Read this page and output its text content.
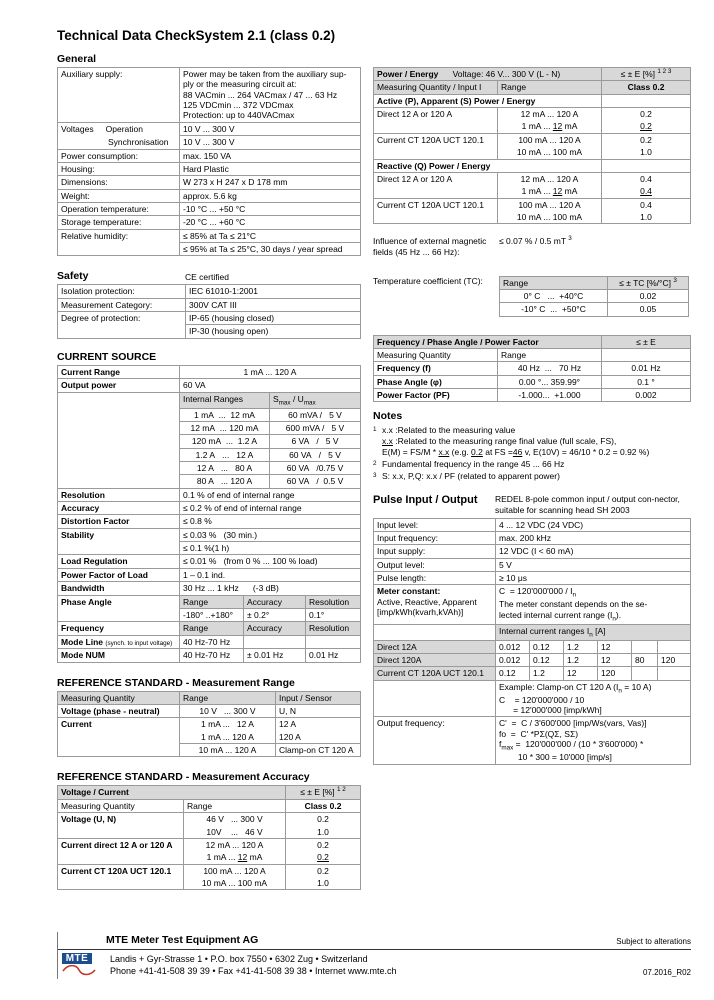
Technical Data CheckSystem 2.1 (class 0.2)
General
Auxiliary supply:	Power may be taken from the auxiliary sup-
ply or the measuring circuit at:
88 VACmin ... 264 VACmax / 47 ... 63 Hz
125 VDCmin ... 372 VDCmax
Protection: up to 440VACmax
Voltages Operation	10 V ... 300 V
Synchronisation	10 V ... 300 V
Power consumption:	max. 150 VA
Housing:	Hard Plastic
Dimensions:	W 273 x H 247 x D 178 mm
Weight:	approx. 5.6 kg
Operation temperature:	-10 °C ... +50 °C
Storage temperature:	-20 °C ... +60 °C
Relative humidity:	≤ 85% at Ta ≤ 21°C
	≤ 95% at Ta ≤ 25°C, 30 days / year spread
Safety	CE certified
Isolation protection:	IEC 61010-1:2001
Measurement Category:	300V CAT III
Degree of protection:	IP-65 (housing closed)
	IP-30 (housing open)
CURRENT SOURCE
Current Range	1 mA ... 120 A
Output power	60 VA
	Internal Ranges	$S_{max} / U_{max}$
	1 mA  ...  12 mA	60 mVA /   5 V
	12 mA  ... 120 mA	600 mVA /   5 V
	120 mA  ...  1.2 A	6 VA   /   5 V
	1.2 A   ...   12 A	60 VA   /   5 V
	12 A   ...   80 A	60 VA   /0.75 V
	80 A   ... 120 A	60 VA   /  0.5 V
Resolution	0.1 % of end of internal range
Accuracy	≤ 0.2 % of end of internal range
Distortion Factor	≤ 0.8 %
Stability	≤ 0.03 %   (30 min.)
	≤ 0.1 %(1 h)
Load Regulation	≤ 0.01 %   (from 0 % ... 100 % load)
Power Factor of Load	1 – 0.1 ind.
Bandwidth	30 Hz ... 1 kHz      (-3 dB)
Phase Angle	Range	Accuracy	Resolution
	-180° ..+180°	± 0.2°	0.1°
Frequency	Range	Accuracy	Resolution
Mode Line (synch. to input voltage)	40 Hz-70 Hz		
Mode NUM	40 Hz-70 Hz	± 0.01 Hz	0.01 Hz
REFERENCE STANDARD - Measurement Range
Measuring Quantity	Range	Input / Sensor
Voltage (phase - neutral)	10 V   ... 300 V	U, N
Current	1 mA ...   12 A	12 A
	1 mA ... 120 A	120 A
	10 mA ... 120 A	Clamp-on CT 120 A
REFERENCE STANDARD - Measurement Accuracy
Voltage / Current		≤ ± E [%] $^{1 2}$
Measuring Quantity	Range	Class 0.2
Voltage (U, N)	46 V   ... 300 V	0.2
	10V    ...   46 V	1.0
Current direct 12 A or 120 A	12 mA ... 120 A	0.2
	1 mA ... 12 mA	0.2
Current CT 120A UCT 120.1	100 mA ... 120 A	0.2
	10 mA ... 100 mA	1.0
Power / Energy      Voltage: 46 V... 300 V (L - N)		≤ ± E [%] $^{1 2 3}$
Measuring Quantity / Input I	Range	Class 0.2
Active (P), Apparent (S) Power / Energy		
Direct 12 A or 120 A	12 mA ... 120 A	0.2
	1 mA ... 12 mA	0.2
Current CT 120A UCT 120.1	100 mA ... 120 A	0.2
	10 mA ... 100 mA	1.0
Reactive (Q) Power / Energy		
Direct 12 A or 120 A	12 mA ... 120 A	0.4
	1 mA ... 12 mA	0.4
Current CT 120A UCT 120.1	100 mA ... 120 A	0.4
	10 mA ... 100 mA	1.0
Influence of external magnetic fields (45 Hz ... 66 Hz):
≤ 0.07 % / 0.5 mT $^3$
Temperature coefficient (TC):	Range	≤ ± TC [%/°C] $^3$
0° C   ...  +40°C	0.02
-10° C  ...  +50°C	0.05
Frequency / Phase Angle / Power Factor		≤ ± E
Measuring Quantity	Range	
Frequency (f)	40 Hz  ...   70 Hz	0.01 Hz
Phase Angle (φ)	0.00 °... 359.99°	0.1 °
Power Factor (PF)	-1.000...  +1.000	0.002
Notes
1 x.x :Related to the measuring value
x.x :Related to the measuring range final value (full scale, FS),
E(M) = FS/M * x.x (e.g. 0.2 at FS =46 v, E(10V) = 46/10 * 0.2 = 0.92 %)
2 Fundamental frequency in the range 45 ... 66 Hz
3 S: x.x, P,Q: x.x / PF (related to apparent power)
Pulse Input / Output	REDEL 8-pole common input / output con-nector, suitable for scanning head SH 2003
Input level:	4 ... 12 VDC (24 VDC)					
Input frequency:	max. 200 kHz					
Input supply:	12 VDC (I < 60 mA)					
Output level:	5 V					
Pulse length:	≥ 10 μs					
Meter constant:
Active, Reactive, Apparent
[imp/kWh(kvarh,kVAh)]	$C = 120'000'000 / I_n$
The meter constant depends on the se-
lected internal current range $(I_n)$.					
	Internal current ranges $I_n$ [A]					
Direct 12A	0.012	0.12	1.2	12		
Direct 120A	0.012	0.12	1.2	12	80	120
Current CT 120A UCT 120.1	0.12	1.2	12	120		
	Example: Clamp-on CT 120 A ($I_n = 10$ A)
C    = 120'000'000 / 10
= 12'000'000 [imp/kWh]					
Output frequency:	C'  =  C / 3'600'000 [imp/Ws(vars, Vas)]
fo  =  C' *PΣ(QΣ, SΣ)
$f_{max} = 120'000'000 / (10 * 3'600'000)$ *
10 * 300 = 10'000 [imp/s]					
MTE Meter Test Equipment AG	Subject to alterations
MTE	Landis + Gyr-Strasse 1 • P.O. box 7550 • 6302 Zug • Switzerland
Phone +41-41-508 39 39 • Fax +41-41-508 39 38 • Internet www.mte.ch	07.2016_R02
